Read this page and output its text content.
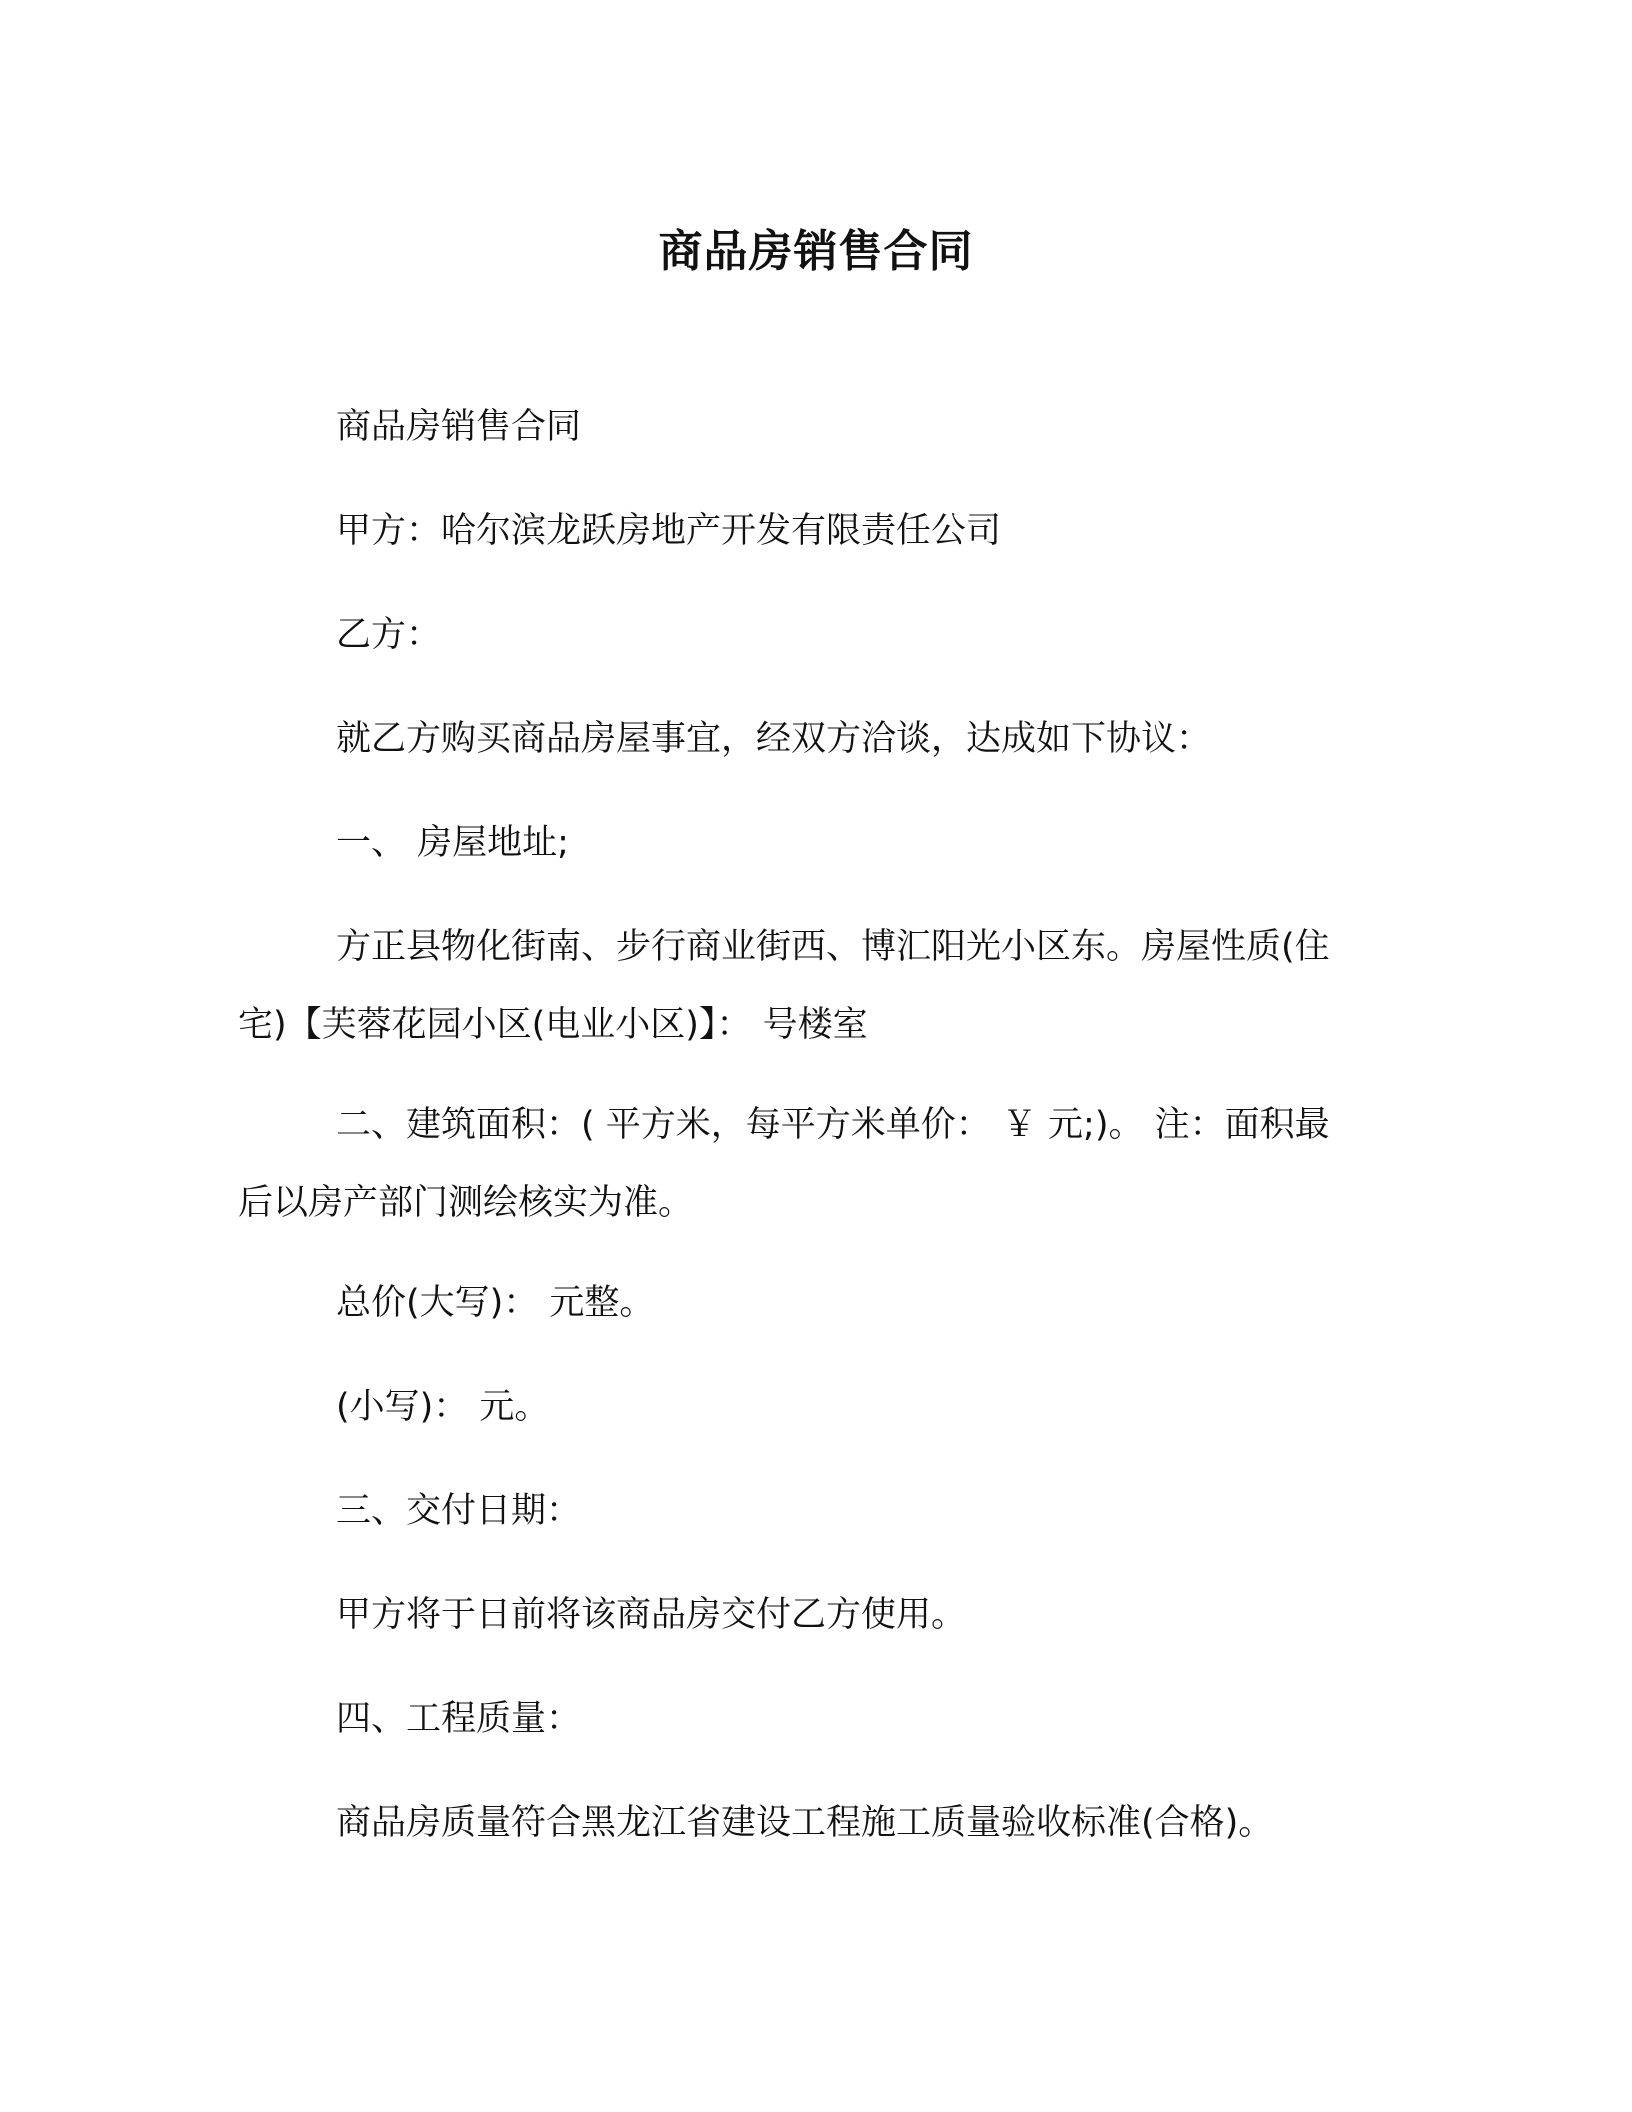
商品房销售合同

商品房销售合同

甲方：哈尔滨龙跃房地产开发有限责任公司

乙方：

就乙方购买商品房屋事宜，经双方洽谈，达成如下协议：

一、 房屋地址;

方正县物化街南、步行商业街西、博汇阳光小区东。房屋性质(住宅)【芙蓉花园小区(电业小区)】： 号楼室

二、建筑面积：( 平方米，每平方米单价： ￥ 元;)。 注：面积最后以房产部门测绘核实为准。

总价(大写)： 元整。

(小写)： 元。

三、交付日期：

甲方将于日前将该商品房交付乙方使用。

四、工程质量：

商品房质量符合黑龙江省建设工程施工质量验收标准(合格)。
